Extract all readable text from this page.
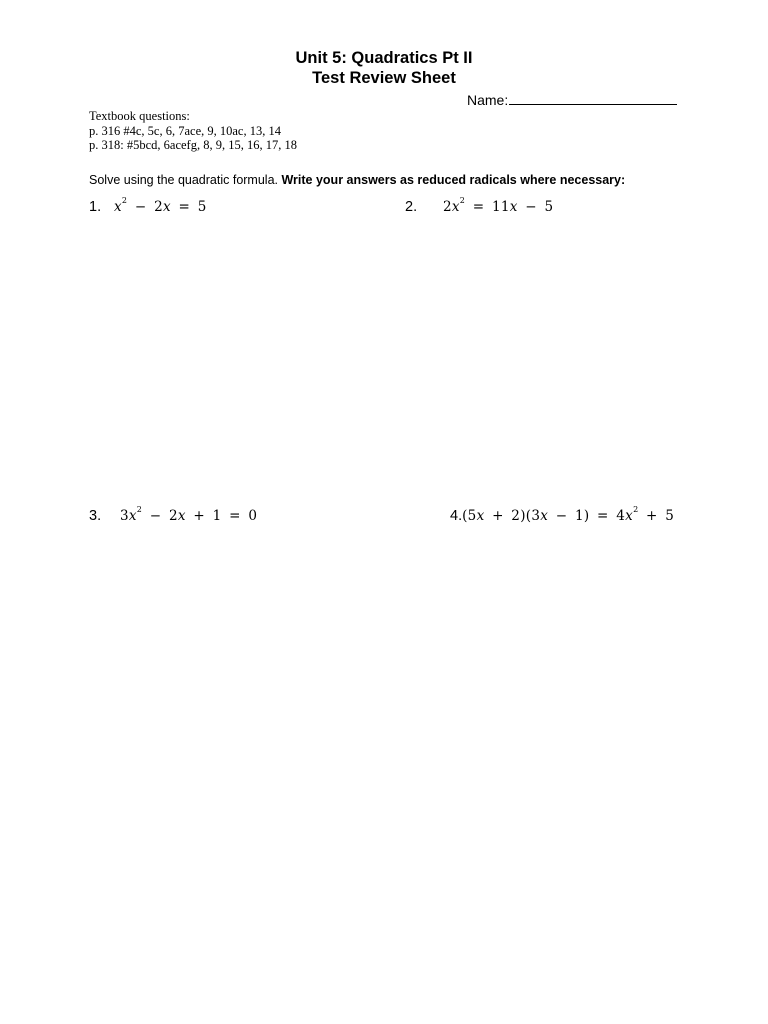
Unit 5: Quadratics Pt II
Test Review Sheet
Name:
Textbook questions:
p. 316 #4c, 5c, 6, 7ace, 9, 10ac, 13, 14
p. 318: #5bcd, 6acefg, 8, 9, 15, 16, 17, 18
Solve using the quadratic formula. Write your answers as reduced radicals where necessary:
1. $x^2 - 2x = 5$	2. $2x^2 = 11x - 5$
3. $3x^2 - 2x + 1 = 0$	$4.(5x + 2)(3x - 1) = 4x^2 + 5$
